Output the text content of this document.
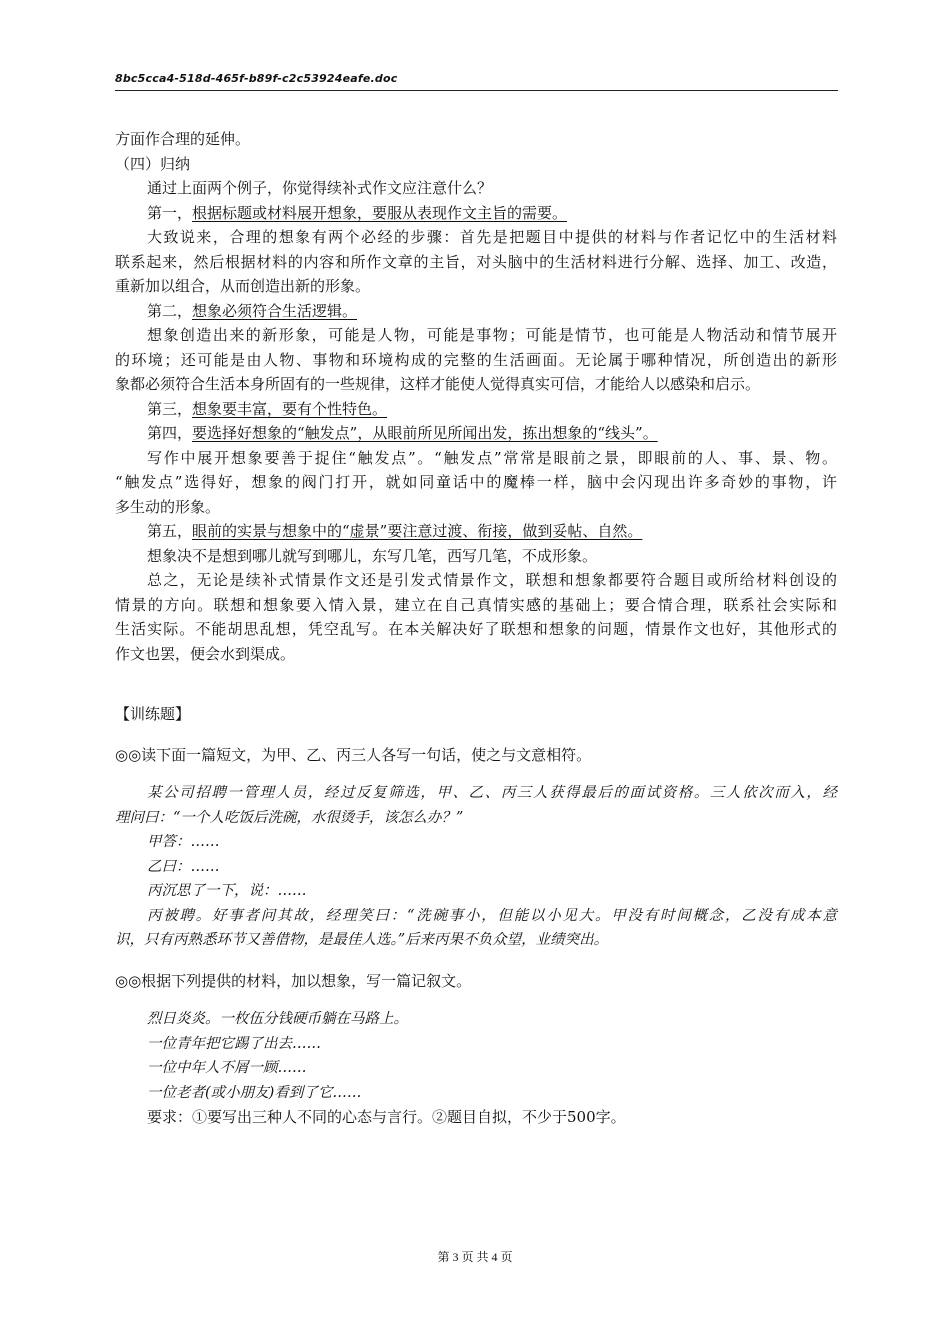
8bc5cca4-518d-465f-b89f-c2c53924eafe.doc
方面作合理的延伸。
（四）归纳
通过上面两个例子，你觉得续补式作文应注意什么？
第一，根据标题或材料展开想象，要服从表现作文主旨的需要。
大致说来，合理的想象有两个必经的步骤：首先是把题目中提供的材料与作者记忆中的生活材料
联系起来，然后根据材料的内容和所作文章的主旨，对头脑中的生活材料进行分解、选择、加工、改造，
重新加以组合，从而创造出新的形象。
第二，想象必须符合生活逻辑。
想象创造出来的新形象，可能是人物，可能是事物；可能是情节，也可能是人物活动和情节展开
的环境；还可能是由人物、事物和环境构成的完整的生活画面。无论属于哪种情况，所创造出的新形
象都必须符合生活本身所固有的一些规律，这样才能使人觉得真实可信，才能给人以感染和启示。
第三，想象要丰富，要有个性特色。
第四，要选择好想象的“触发点”，从眼前所见所闻出发，拣出想象的“线头”。
写作中展开想象要善于捉住“触发点”。“触发点”常常是眼前之景，即眼前的人、事、景、物。
“触发点”选得好，想象的阀门打开，就如同童话中的魔棒一样，脑中会闪现出许多奇妙的事物，许
多生动的形象。
第五，眼前的实景与想象中的“虚景”要注意过渡、衔接，做到妥帖、自然。
想象决不是想到哪儿就写到哪儿，东写几笔，西写几笔，不成形象。
总之，无论是续补式情景作文还是引发式情景作文，联想和想象都要符合题目或所给材料创设的
情景的方向。联想和想象要入情入景，建立在自己真情实感的基础上；要合情合理，联系社会实际和
生活实际。不能胡思乱想，凭空乱写。在本关解决好了联想和想象的问题，情景作文也好，其他形式的
作文也罢，便会水到渠成。
【训练题】
◎◎读下面一篇短文，为甲、乙、丙三人各写一句话，使之与文意相符。
某公司招聘一管理人员，经过反复筛选，甲、乙、丙三人获得最后的面试资格。三人依次而入，经
理问曰：“一个人吃饭后洗碗，水很烫手，该怎么办？”
甲答：……
乙曰：……
丙沉思了一下，说：……
丙被聘。好事者问其故，经理笑曰：“洗碗事小，但能以小见大。甲没有时间概念，乙没有成本意
识，只有丙熟悉环节又善借物，是最佳人选。”后来丙果不负众望，业绩突出。
◎◎根据下列提供的材料，加以想象，写一篇记叙文。
烈日炎炎。一枚伍分钱硬币躺在马路上。
一位青年把它踢了出去……
一位中年人不屑一顾……
一位老者(或小朋友)看到了它……
要求：①要写出三种人不同的心态与言行。②题目自拟，不少于500字。
第 3 页 共 4 页
